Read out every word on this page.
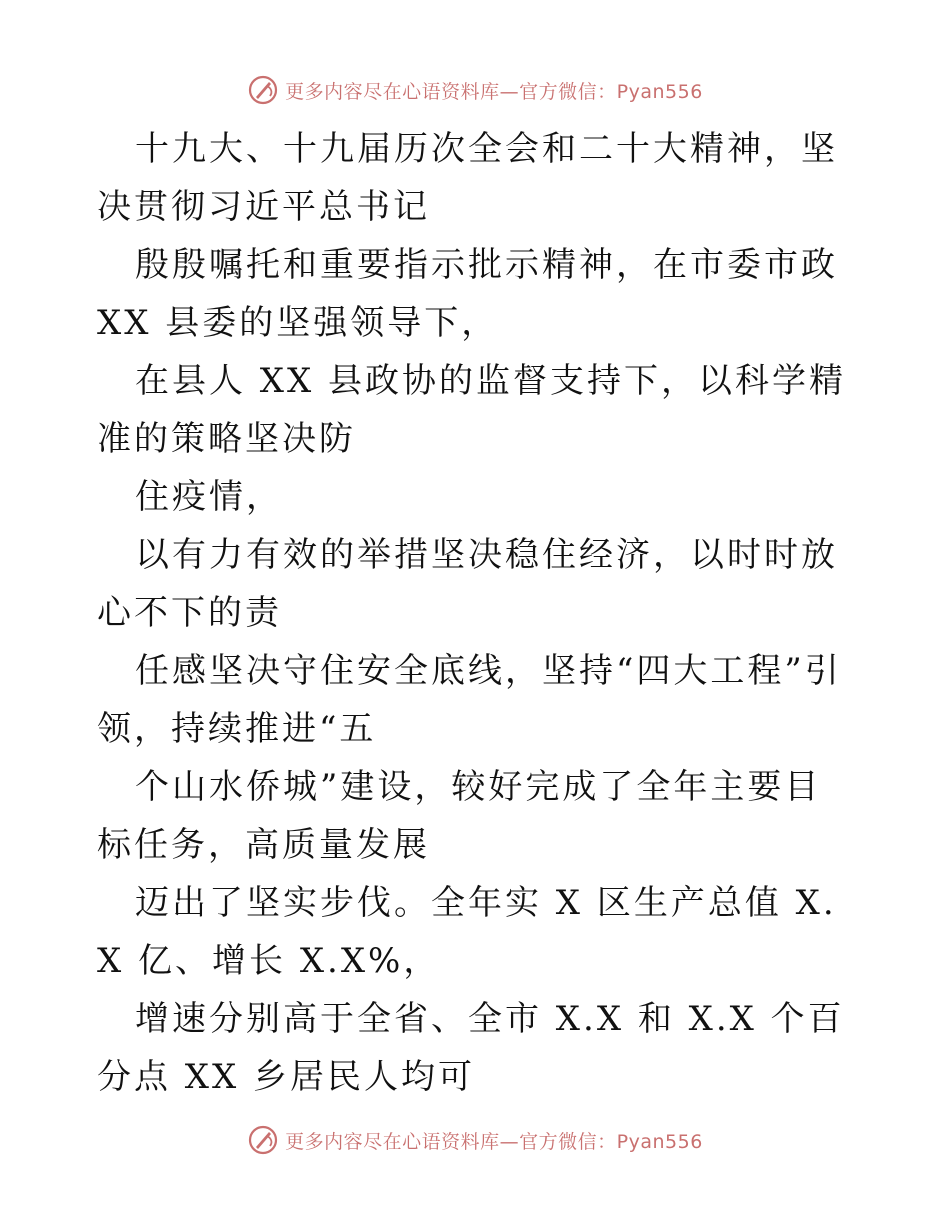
更多内容尽在心语资料库—官方微信：Pyan556

十九大、十九届历次全会和二十大精神，坚决贯彻习近平总书记

殷殷嘱托和重要指示批示精神，在市委市政 XX 县委的坚强领导下，

在县人 XX 县政协的监督支持下，以科学精准的策略坚决防

住疫情，

以有力有效的举措坚决稳住经济，以时时放心不下的责

任感坚决守住安全底线，坚持“四大工程”引领，持续推进“五

个山水侨城”建设，较好完成了全年主要目标任务，高质量发展

迈出了坚实步伐。全年实 X 区生产总值 X.X 亿、增长 X.X%，

增速分别高于全省、全市 X.X 和 X.X 个百分点 XX 乡居民人均可

更多内容尽在心语资料库—官方微信：Pyan556
